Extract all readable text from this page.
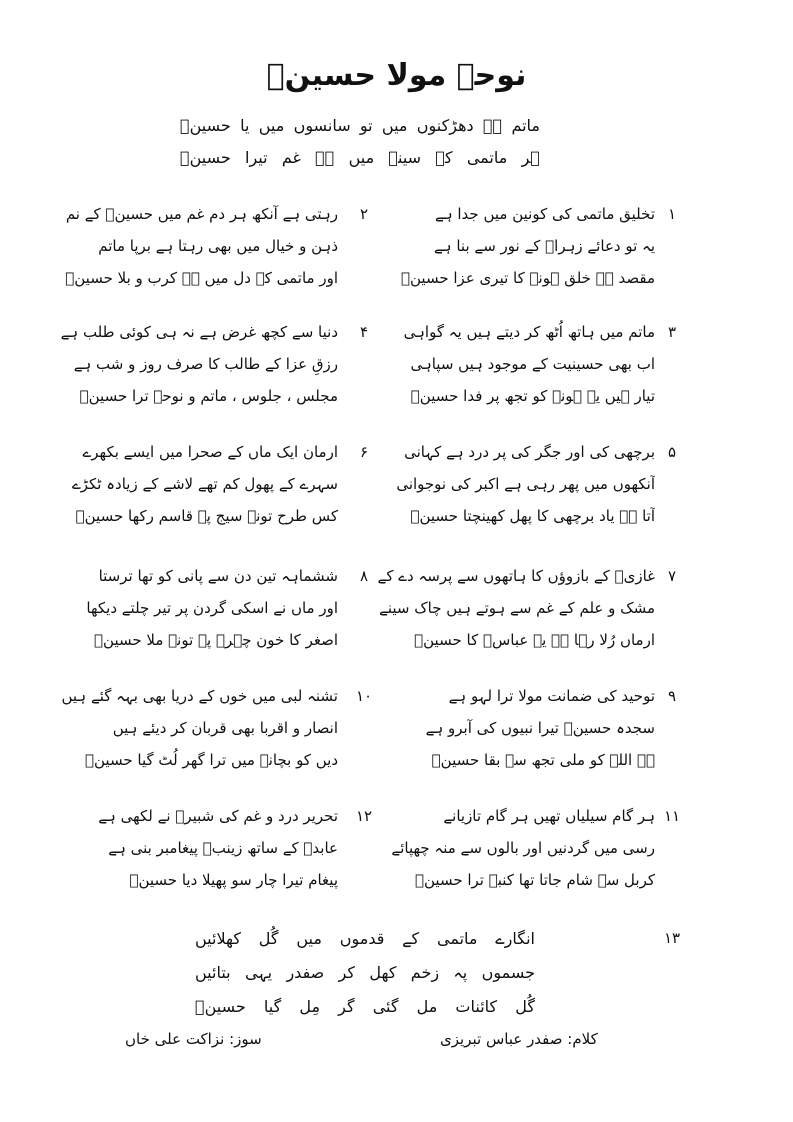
نوحہ مولا حسینؑ
ماتم ہے دھڑکنوں میں تو سانسوں میں یا حسینؑ
ہر ماتمی کے سینے میں ہے غم تیرا حسینؑ
۱
تخلیق ماتمی کی کونین میں جدا ہے
یہ تو دعائے زہراؑ کے نور سے بنا ہے
مقصد ہے خلق ہونے کا تیری عزا حسینؑ
۲
رہتی ہے آنکھ ہر دم غم میں حسینؑ کے نم
ذہن و خیال میں بھی رہتا ہے برپا ماتم
اور ماتمی کے دل میں ہے کرب و بلا حسینؑ
۳
ماتم میں ہاتھ اُٹھ کر دیتے ہیں یہ گواہی
اب بھی حسینیت کے موجود ہیں سپاہی
تیار ہیں یہ ہونے کو تجھ پر فدا حسینؑ
۴
دنیا سے کچھ غرض ہے نہ ہی کوئی طلب ہے
رزقِ عزا کے طالب کا صرف روز و شب ہے
مجلس ، جلوس ، ماتم و نوحہ ترا حسینؑ
۵
برچھی کی اور جگر کی پر درد ہے کہانی
آنکھوں میں پھر رہی ہے اکبر کی نوجوانی
آتا ہے یاد برچھی کا پھل کھینچتا حسینؑ
۶
ارمان ایک ماں کے صحرا میں ایسے بکھرے
سہرے کے پھول کم تھے لاشے کے زیادہ ٹکڑے
کس طرح تونے سیج پہ قاسم رکھا حسینؑ
۷
غازیؑ کے بازوؤں کا ہاتھوں سے پرسہ دے کے
مشک و علم کے غم سے ہوتے ہیں چاک سینے
ارماں رُلا رہا ہے یہ عباسؑ کا حسینؑ
۸
ششماہہ تین دن سے پانی کو تھا ترستا
اور ماں نے اسکی گردن پر تیر چلتے دیکھا
اصغر کا خون چہرے پہ تونے ملا حسینؑ
۹
توحید کی ضمانت مولا ترا لہو ہے
سجدہ حسینؑ تیرا نبیوں کی آبرو ہے
ہے اللہ کو ملی تجھ سے بقا حسینؑ
۱۰
تشنہ لبی میں خوں کے دریا بھی بہہ گئے ہیں
انصار و اقربا بھی قربان کر دیئے ہیں
دیں کو بچانے میں ترا گھر لُٹ گیا حسینؑ
۱۱
ہر گام سیلیاں تھیں ہر گام تازیانے
رسی میں گردنیں اور بالوں سے منہ چھپائے
کربل سے شام جاتا تھا کنبہ ترا حسینؑ
۱۲
تحریر درد و غم کی شبیرؑ نے لکھی ہے
عابدؑ کے ساتھ زینبؑ پیغامبر بنی ہے
پیغام تیرا چار سو پھیلا دیا حسینؑ
۱۳
انگارے ماتمی کے قدموں میں گُل کھلائیں
جسموں پہ زخم کھل کر صفدر یہی بتائیں
گُل کائنات مل گئی گر مِل گیا حسینؑ
کلام: صفدر عباس تبریزی
سوز: نزاکت علی خاں
